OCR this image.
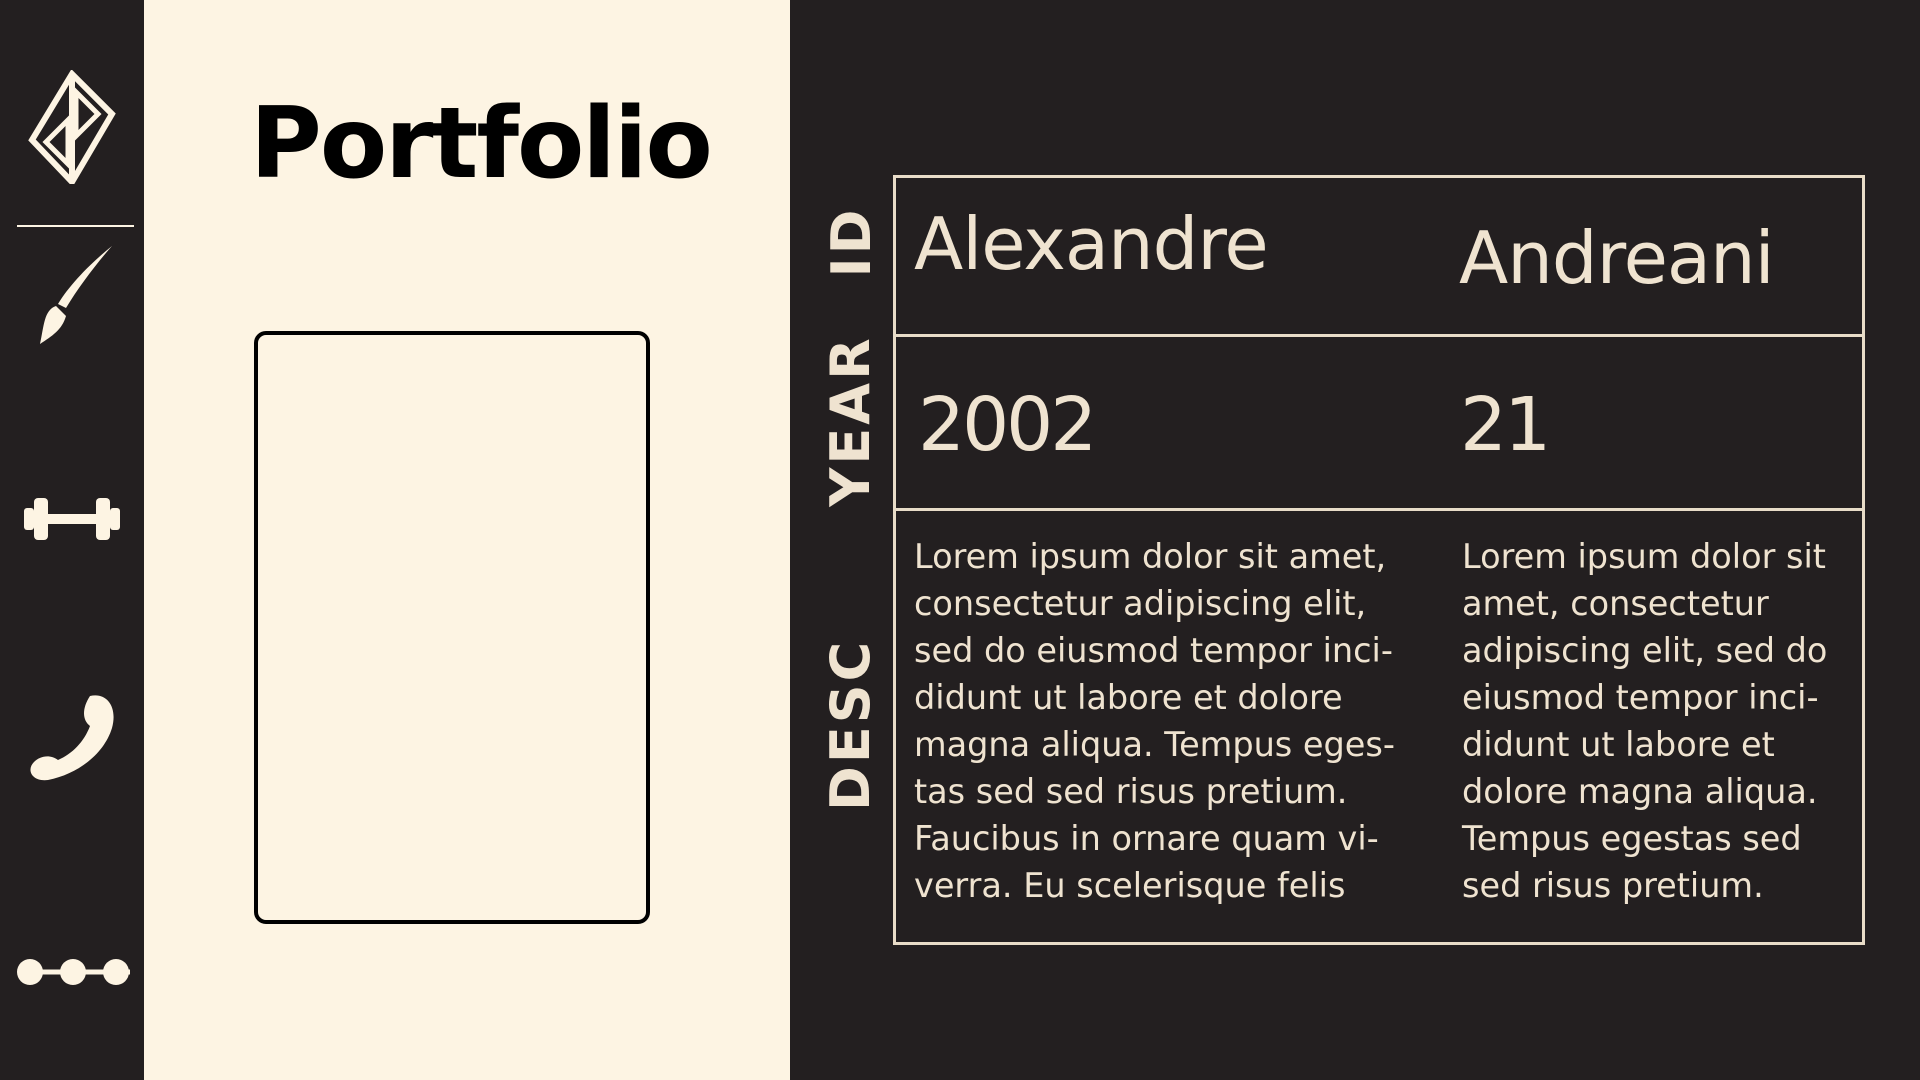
Portfolio
ID
YEAR
DESC
Alexandre	Andreani
2002	21
Lorem ipsum dolor sit amet,
consectetur adipiscing elit,
sed do eiusmod tempor inci-
didunt ut labore et dolore
magna aliqua. Tempus eges-
tas sed sed risus pretium.
Faucibus in ornare quam vi-
verra. Eu scelerisque felis
Lorem ipsum dolor sit
amet, consectetur
adipiscing elit, sed do
eiusmod tempor inci-
didunt ut labore et
dolore magna aliqua.
Tempus egestas sed
sed risus pretium.
